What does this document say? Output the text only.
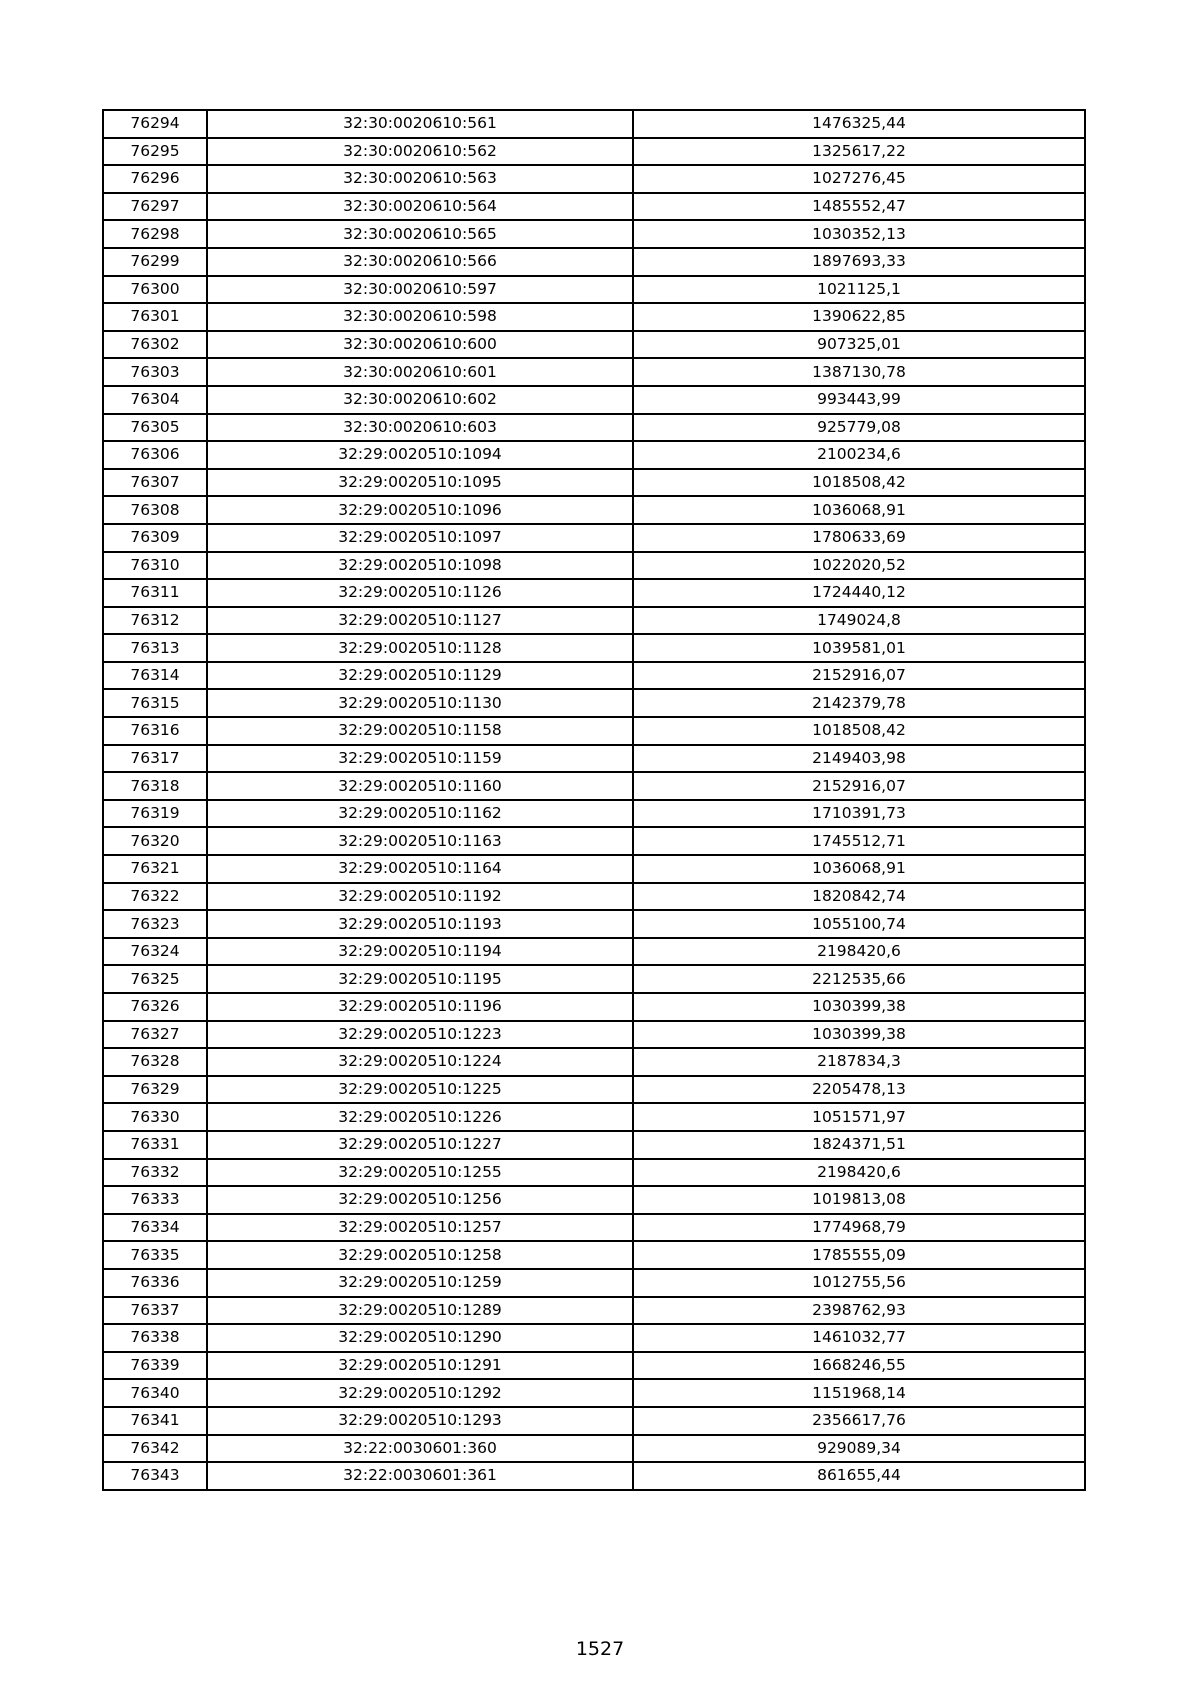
76294	32:30:0020610:561	1476325,44
76295	32:30:0020610:562	1325617,22
76296	32:30:0020610:563	1027276,45
76297	32:30:0020610:564	1485552,47
76298	32:30:0020610:565	1030352,13
76299	32:30:0020610:566	1897693,33
76300	32:30:0020610:597	1021125,1
76301	32:30:0020610:598	1390622,85
76302	32:30:0020610:600	907325,01
76303	32:30:0020610:601	1387130,78
76304	32:30:0020610:602	993443,99
76305	32:30:0020610:603	925779,08
76306	32:29:0020510:1094	2100234,6
76307	32:29:0020510:1095	1018508,42
76308	32:29:0020510:1096	1036068,91
76309	32:29:0020510:1097	1780633,69
76310	32:29:0020510:1098	1022020,52
76311	32:29:0020510:1126	1724440,12
76312	32:29:0020510:1127	1749024,8
76313	32:29:0020510:1128	1039581,01
76314	32:29:0020510:1129	2152916,07
76315	32:29:0020510:1130	2142379,78
76316	32:29:0020510:1158	1018508,42
76317	32:29:0020510:1159	2149403,98
76318	32:29:0020510:1160	2152916,07
76319	32:29:0020510:1162	1710391,73
76320	32:29:0020510:1163	1745512,71
76321	32:29:0020510:1164	1036068,91
76322	32:29:0020510:1192	1820842,74
76323	32:29:0020510:1193	1055100,74
76324	32:29:0020510:1194	2198420,6
76325	32:29:0020510:1195	2212535,66
76326	32:29:0020510:1196	1030399,38
76327	32:29:0020510:1223	1030399,38
76328	32:29:0020510:1224	2187834,3
76329	32:29:0020510:1225	2205478,13
76330	32:29:0020510:1226	1051571,97
76331	32:29:0020510:1227	1824371,51
76332	32:29:0020510:1255	2198420,6
76333	32:29:0020510:1256	1019813,08
76334	32:29:0020510:1257	1774968,79
76335	32:29:0020510:1258	1785555,09
76336	32:29:0020510:1259	1012755,56
76337	32:29:0020510:1289	2398762,93
76338	32:29:0020510:1290	1461032,77
76339	32:29:0020510:1291	1668246,55
76340	32:29:0020510:1292	1151968,14
76341	32:29:0020510:1293	2356617,76
76342	32:22:0030601:360	929089,34
76343	32:22:0030601:361	861655,44
1527
